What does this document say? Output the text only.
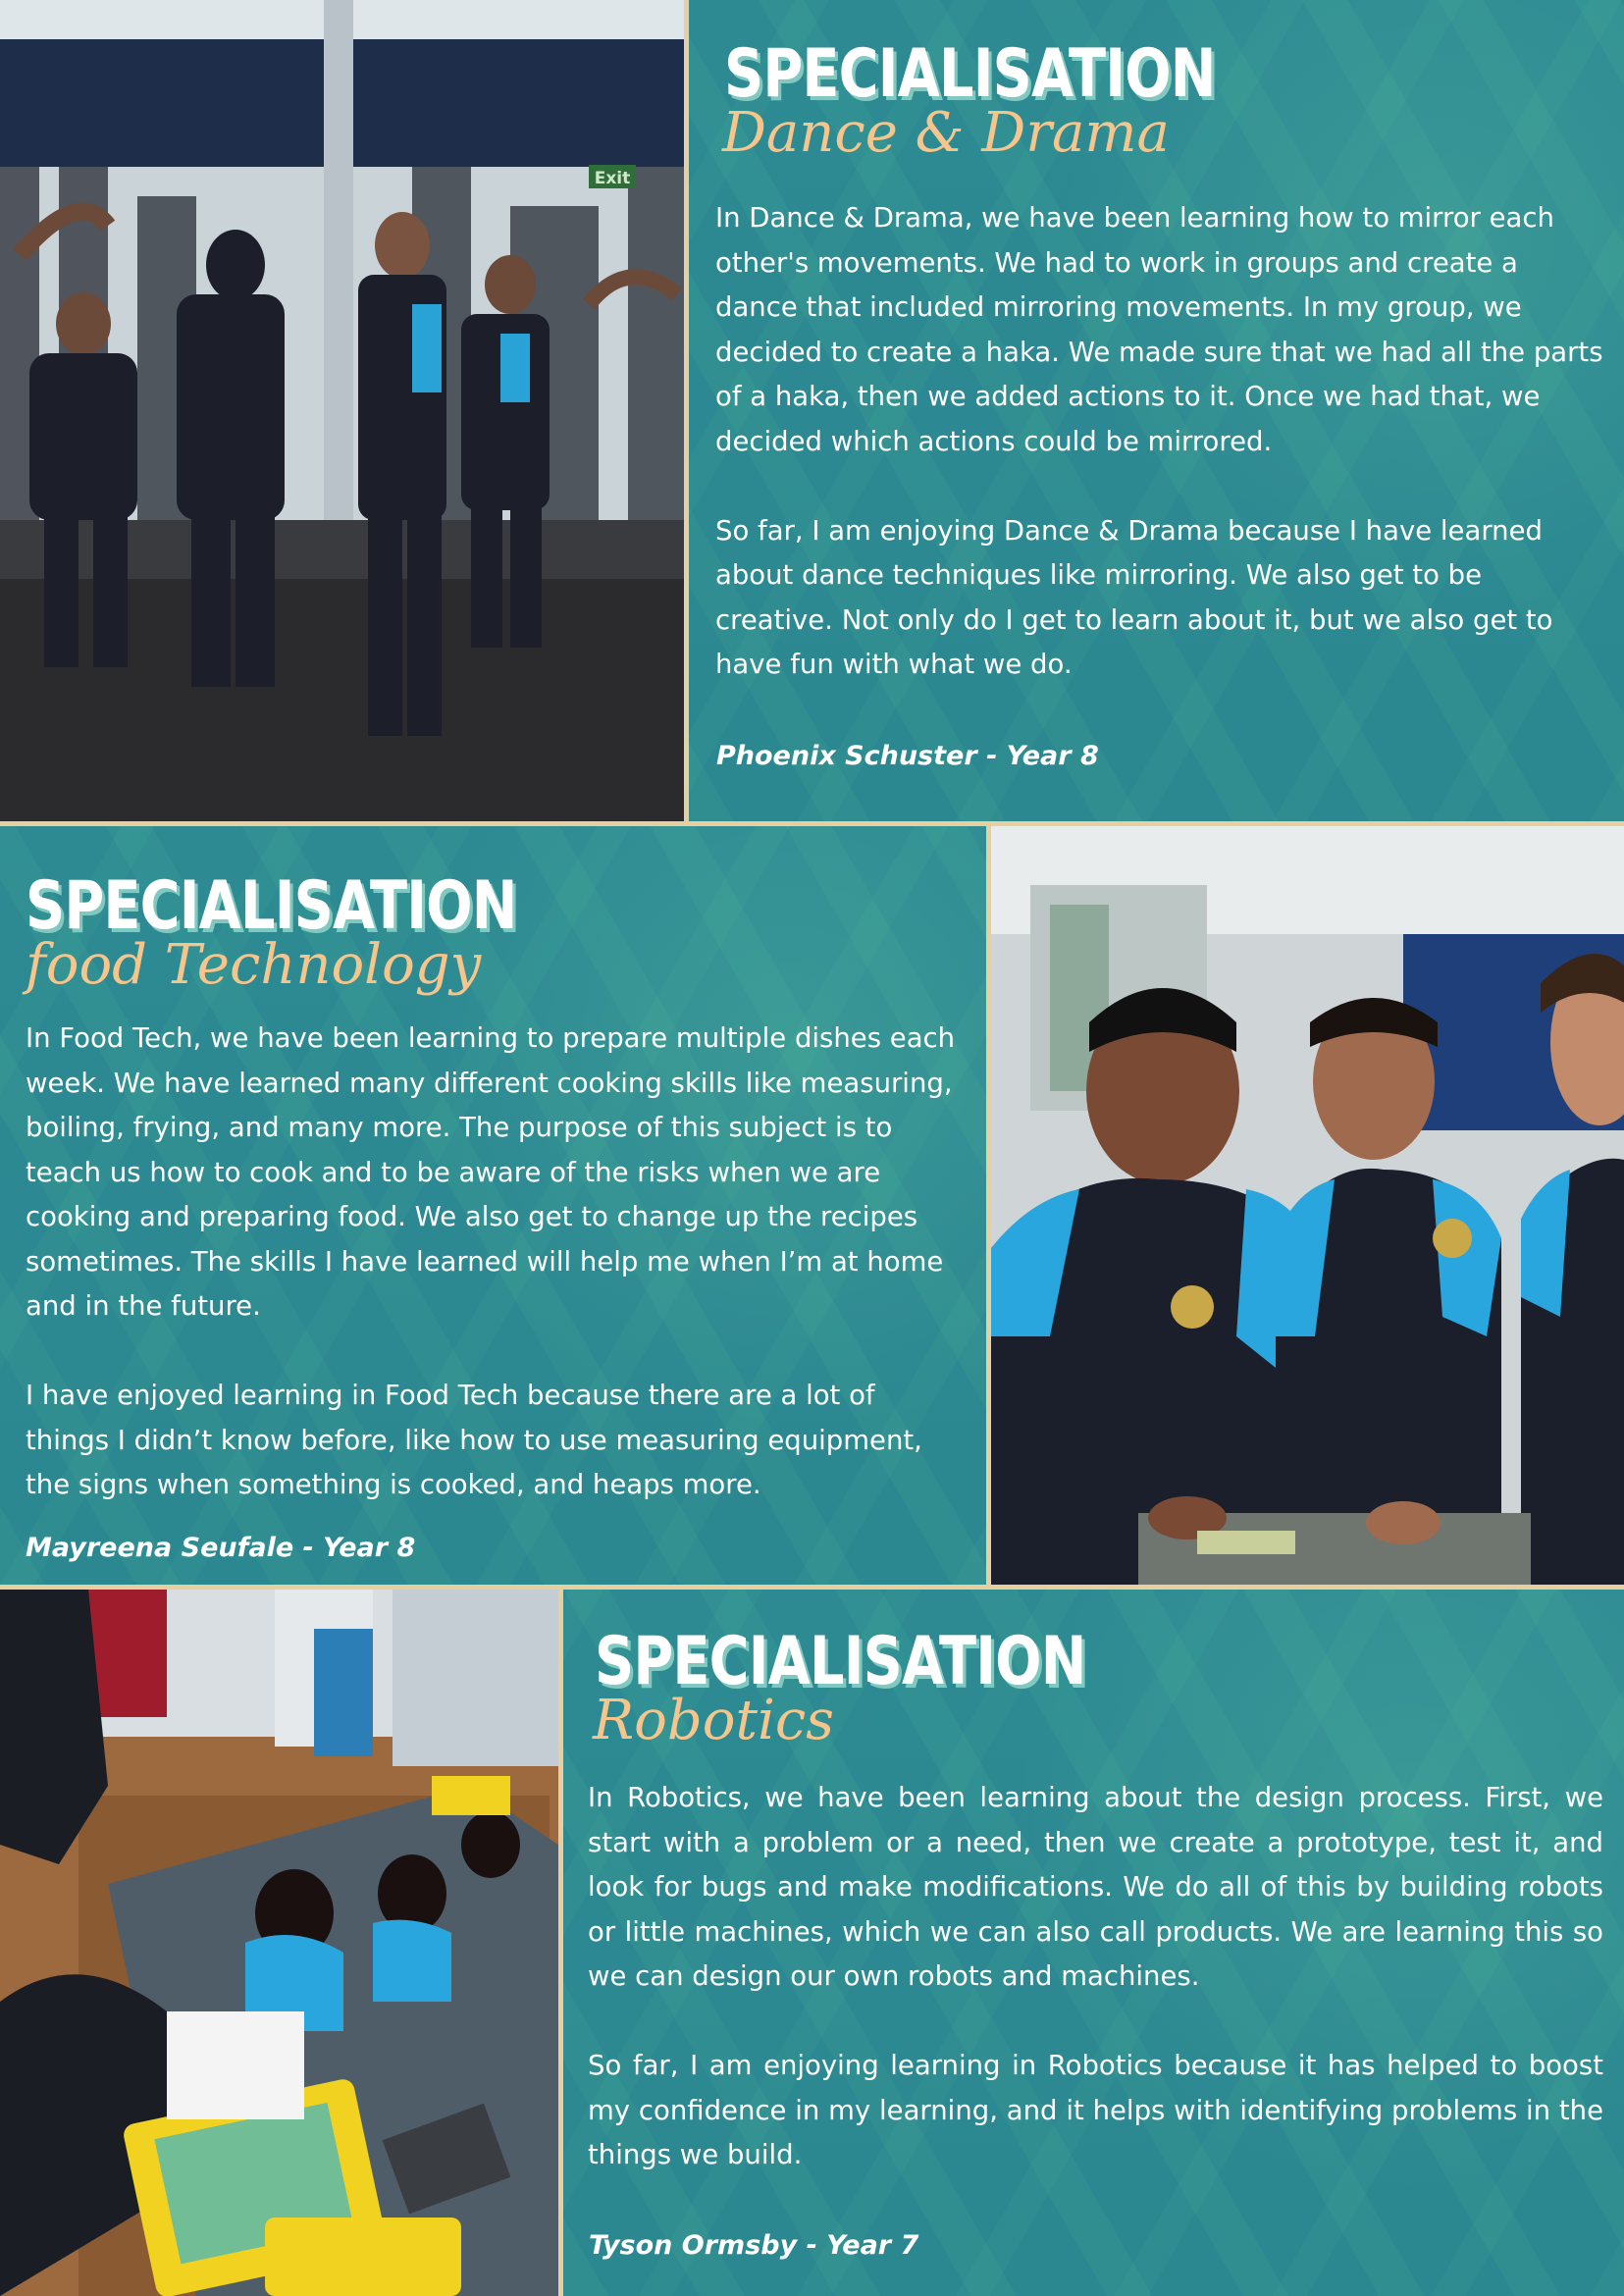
Exit
SPECIALISATION
Dance & Drama

In Dance & Drama, we have been learning how to mirror each other's movements. We had to work in groups and create a dance that included mirroring movements. In my group, we decided to create a haka. We made sure that we had all the parts of a haka, then we added actions to it. Once we had that, we decided which actions could be mirrored.

So far, I am enjoying Dance & Drama because I have learned about dance techniques like mirroring. We also get to be creative. Not only do I get to learn about it, but we also get to have fun with what we do.

Phoenix Schuster - Year 8
SPECIALISATION
food Technology

In Food Tech, we have been learning to prepare multiple dishes each week. We have learned many different cooking skills like measuring, boiling, frying, and many more. The purpose of this subject is to teach us how to cook and to be aware of the risks when we are cooking and preparing food. We also get to change up the recipes sometimes. The skills I have learned will help me when I’m at home and in the future.

I have enjoyed learning in Food Tech because there are a lot of things I didn’t know before, like how to use measuring equipment, the signs when something is cooked, and heaps more.

Mayreena Seufale - Year 8
SPECIALISATION
Robotics

In Robotics, we have been learning about the design process. First, we start with a problem or a need, then we create a prototype, test it, and look for bugs and make modifications. We do all of this by building robots or little machines, which we can also call products. We are learning this so we can design our own robots and machines.

So far, I am enjoying learning in Robotics because it has helped to boost my confidence in my learning, and it helps with identifying problems in the things we build.

Tyson Ormsby - Year 7
